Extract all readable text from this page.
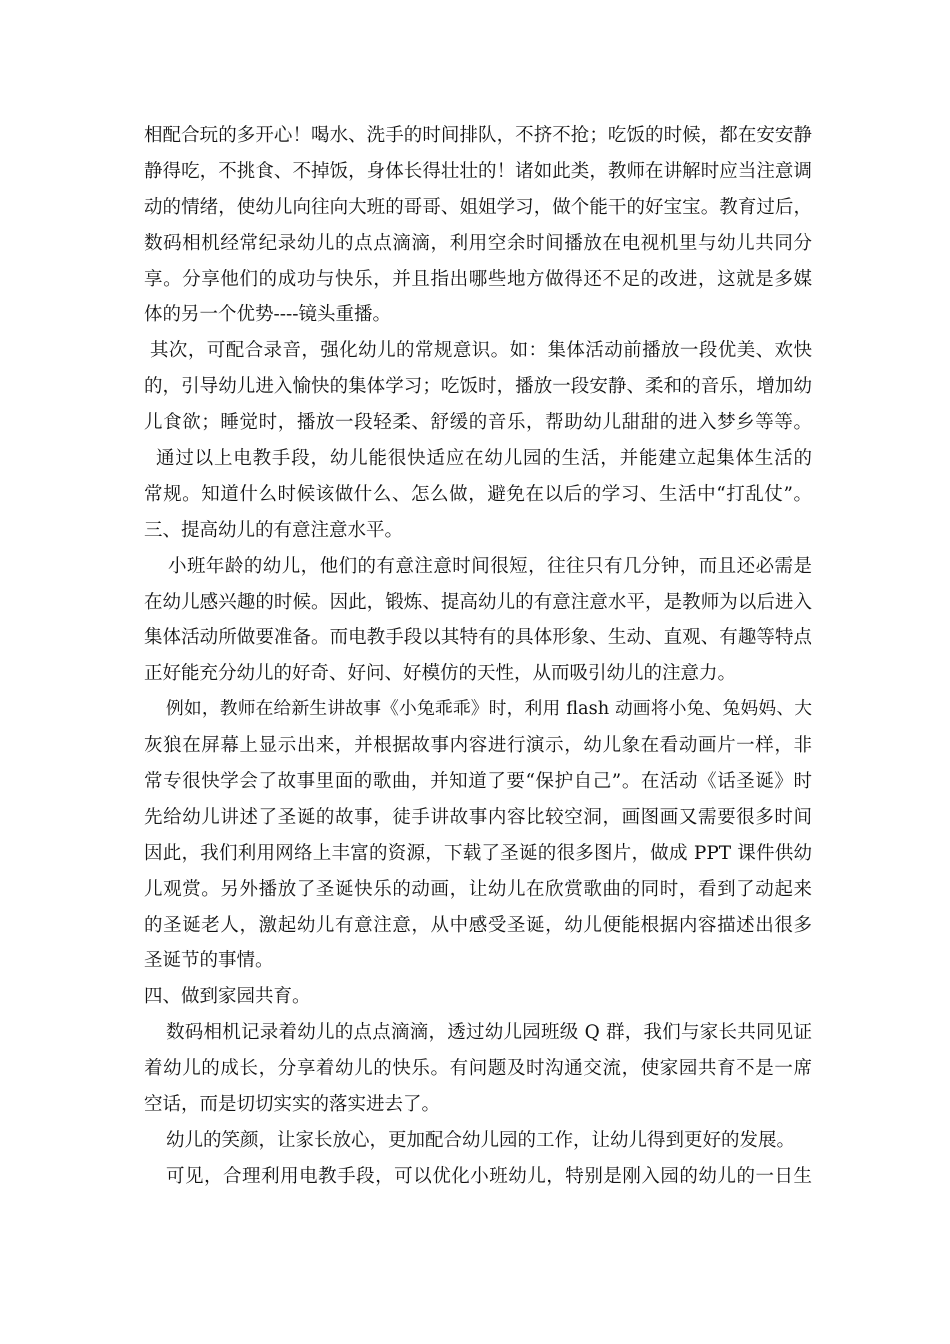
相配合玩的多开心！喝水、洗手的时间排队，不挤不抢；吃饭的时候，都在安安静
静得吃，不挑食、不掉饭，身体长得壮壮的！诸如此类，教师在讲解时应当注意调
动的情绪，使幼儿向往向大班的哥哥、姐姐学习，做个能干的好宝宝。教育过后，
数码相机经常纪录幼儿的点点滴滴，利用空余时间播放在电视机里与幼儿共同分
享。分享他们的成功与快乐，并且指出哪些地方做得还不足的改进，这就是多媒
体的另一个优势----镜头重播。
其次，可配合录音，强化幼儿的常规意识。如：集体活动前播放一段优美、欢快
的，引导幼儿进入愉快的集体学习；吃饭时，播放一段安静、柔和的音乐，增加幼
儿食欲；睡觉时，播放一段轻柔、舒缓的音乐，帮助幼儿甜甜的进入梦乡等等。
通过以上电教手段，幼儿能很快适应在幼儿园的生活，并能建立起集体生活的
常规。知道什么时候该做什么、怎么做，避免在以后的学习、生活中“打乱仗”。
三、提高幼儿的有意注意水平。
小班年龄的幼儿，他们的有意注意时间很短，往往只有几分钟，而且还必需是
在幼儿感兴趣的时候。因此，锻炼、提高幼儿的有意注意水平，是教师为以后进入
集体活动所做要准备。而电教手段以其特有的具体形象、生动、直观、有趣等特点
正好能充分幼儿的好奇、好问、好模仿的天性，从而吸引幼儿的注意力。
例如，教师在给新生讲故事《小兔乖乖》时，利用 flash 动画将小兔、兔妈妈、大
灰狼在屏幕上显示出来，并根据故事内容进行演示，幼儿象在看动画片一样，非
常专很快学会了故事里面的歌曲，并知道了要“保护自己”。在活动《话圣诞》时
先给幼儿讲述了圣诞的故事，徒手讲故事内容比较空洞，画图画又需要很多时间
因此，我们利用网络上丰富的资源，下载了圣诞的很多图片，做成 PPT 课件供幼
儿观赏。另外播放了圣诞快乐的动画，让幼儿在欣赏歌曲的同时，看到了动起来
的圣诞老人，激起幼儿有意注意，从中感受圣诞，幼儿便能根据内容描述出很多
圣诞节的事情。
四、做到家园共育。
数码相机记录着幼儿的点点滴滴，透过幼儿园班级 Q 群，我们与家长共同见证
着幼儿的成长，分享着幼儿的快乐。有问题及时沟通交流，使家园共育不是一席
空话，而是切切实实的落实进去了。
幼儿的笑颜，让家长放心，更加配合幼儿园的工作，让幼儿得到更好的发展。
可见，合理利用电教手段，可以优化小班幼儿，特别是刚入园的幼儿的一日生
